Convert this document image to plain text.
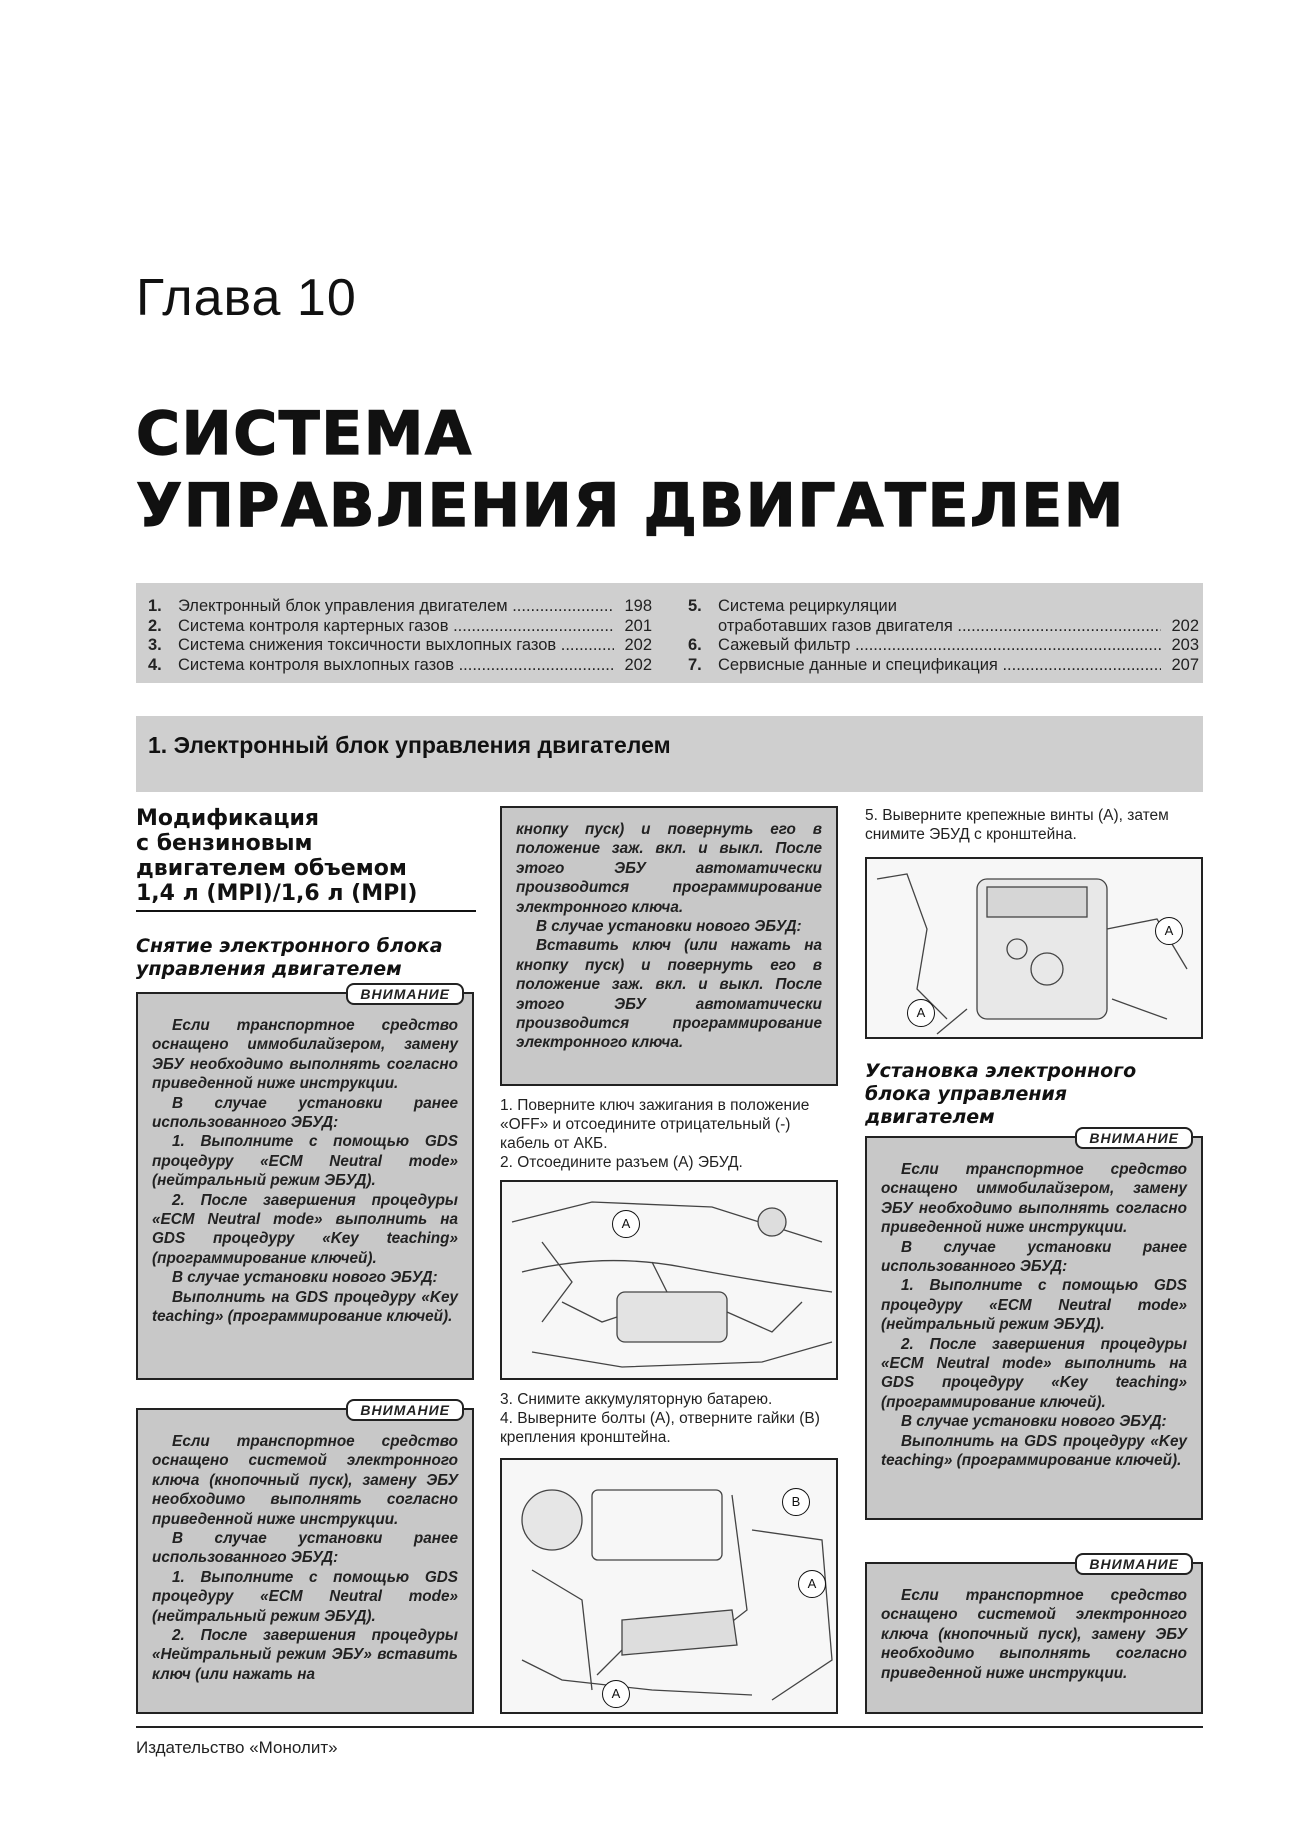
Глава 10
СИСТЕМА
УПРАВЛЕНИЯ ДВИГАТЕЛЕМ
1. Электронный блок управления двигателем .....	198
2. Система контроля картерных газов .....	201
3. Система снижения токсичности выхлопных газов .....	202
4. Система контроля выхлопных газов .....	202
5. Система рециркуляции
отработавших газов двигателя .....	202
6. Сажевый фильтр .....	203
7. Сервисные данные и спецификация .....	207
1. Электронный блок управления двигателем
Модификация
с бензиновым
двигателем объемом
1,4 л (MPI)/1,6 л (MPI)
Снятие электронного блока
управления двигателем
ВНИМАНИЕ

Если транспортное средство оснащено иммобилайзером, замену ЭБУ необходимо выполнять согласно приведенной ниже инструкции.

В случае установки ранее использованного ЭБУД:

1. Выполните с помощью GDS процедуру «ECM Neutral mode» (нейтральный режим ЭБУД).

2. После завершения процедуры «ECM Neutral mode» выполнить на GDS процедуру «Key teaching» (программирование ключей).

В случае установки нового ЭБУД:

Выполнить на GDS процедуру «Key teaching» (программирование ключей).

ВНИМАНИЕ

Если транспортное средство оснащено системой электронного ключа (кнопочный пуск), замену ЭБУ необходимо выполнять согласно приведенной ниже инструкции.

В случае установки ранее использованного ЭБУД:

1. Выполните с помощью GDS процедуру «ECM Neutral mode» (нейтральный режим ЭБУД).

2. После завершения процедуры «Нейтральный режим ЭБУ» вставить ключ (или нажать на

кнопку пуск) и повернуть его в положение заж. вкл. и выкл. После этого ЭБУ автоматически производится программирование электронного ключа.

В случае установки нового ЭБУД:

Вставить ключ (или нажать на кнопку пуск) и повернуть его в положение заж. вкл. и выкл. После этого ЭБУ автоматически производится программирование электронного ключа.

1. Поверните ключ зажигания в положение «OFF» и отсоедините отрицательный (-) кабель от АКБ.
2. Отсоедините разъем (А) ЭБУД.
A
3. Снимите аккумуляторную батарею.
4. Выверните болты (А), отверните гайки (В) крепления кронштейна.
B
A
A
5. Выверните крепежные винты (А), затем снимите ЭБУД с кронштейна.
A
A
Установка электронного
блока управления
двигателем
ВНИМАНИЕ

Если транспортное средство оснащено иммобилайзером, замену ЭБУ необходимо выполнять согласно приведенной ниже инструкции.

В случае установки ранее использованного ЭБУД:

1. Выполните с помощью GDS процедуру «ECM Neutral mode» (нейтральный режим ЭБУД).

2. После завершения процедуры «ECM Neutral mode» выполнить на GDS процедуру «Key teaching» (программирование ключей).

В случае установки нового ЭБУД:

Выполнить на GDS процедуру «Key teaching» (программирование ключей).

ВНИМАНИЕ

Если транспортное средство оснащено системой электронного ключа (кнопочный пуск), замену ЭБУ необходимо выполнять согласно приведенной ниже инструкции.

Издательство «Монолит»
